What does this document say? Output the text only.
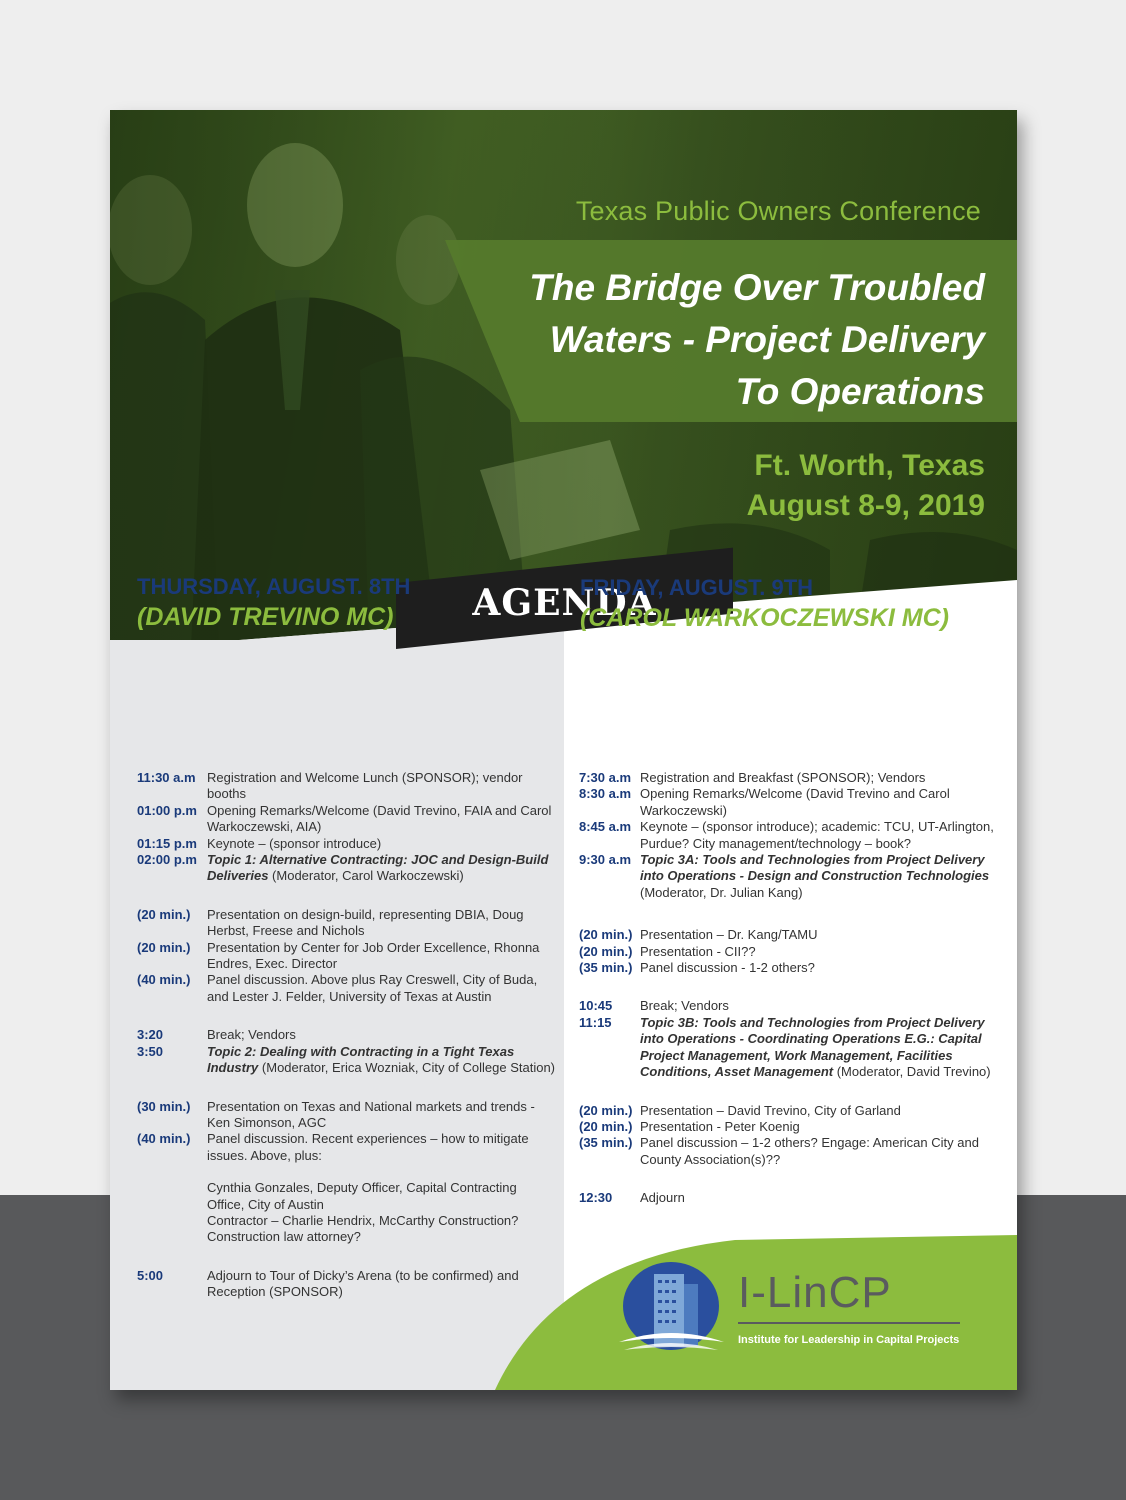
Texas Public Owners Conference
The Bridge Over Troubled
Waters - Project Delivery
To Operations
Ft. Worth, Texas
August 8-9, 2019
AGENDA
THURSDAY, AUGUST. 8TH
(DAVID TREVINO MC)
FRIDAY, AUGUST. 9TH
(CAROL WARKOCZEWSKI MC)
11:30 a.m Registration and Welcome Lunch (SPONSOR); vendor booths
01:00 p.m Opening Remarks/Welcome (David Trevino, FAIA and Carol Warkoczewski, AIA)
01:15 p.m Keynote – (sponsor introduce)
02:00 p.m Topic 1: Alternative Contracting: JOC and Design-Build Deliveries (Moderator, Carol Warkoczewski)
(20 min.)	Presentation on design-build, representing DBIA, Doug Herbst, Freese and Nichols
(20 min.)	Presentation by Center for Job Order Excellence, Rhonna Endres, Exec. Director
(40 min.)	Panel discussion. Above plus Ray Creswell, City of Buda, and Lester J. Felder, University of Texas at Austin
3:20	Break; Vendors
3:50	Topic 2: Dealing with Contracting in a Tight Texas Industry (Moderator, Erica Wozniak, City of College Station)
(30 min.)	Presentation on Texas and National markets and trends - Ken Simonson, AGC
(40 min.)	Panel discussion. Recent experiences – how to mitigate issues. Above, plus:
Cynthia Gonzales, Deputy Officer, Capital Contracting Office, City of Austin
Contractor – Charlie Hendrix, McCarthy Construction? Construction law attorney?
5:00	Adjourn to Tour of Dicky’s Arena (to be confirmed) and Reception (SPONSOR)
7:30 a.m Registration and Breakfast (SPONSOR); Vendors
8:30 a.m Opening Remarks/Welcome (David Trevino and Carol Warkoczewski)
8:45 a.m Keynote – (sponsor introduce); academic: TCU, UT-Arlington, Purdue? City management/technology – book?
9:30 a.m Topic 3A: Tools and Technologies from Project Delivery into Operations - Design and Construction Technologies (Moderator, Dr. Julian Kang)
(20 min.) Presentation – Dr. Kang/TAMU
(20 min.) Presentation - CII??
(35 min.) Panel discussion - 1-2 others?
10:45	Break; Vendors
11:15	Topic 3B: Tools and Technologies from Project Delivery into Operations - Coordinating Operations E.G.: Capital Project Management, Work Management, Facilities Conditions, Asset Management (Moderator, David Trevino)
(20 min.) Presentation – David Trevino, City of Garland
(20 min.) Presentation - Peter Koenig
(35 min.) Panel discussion – 1-2 others? Engage: American City and County Association(s)??
12:30	Adjourn
I-LinCP
Institute for Leadership in Capital Projects
